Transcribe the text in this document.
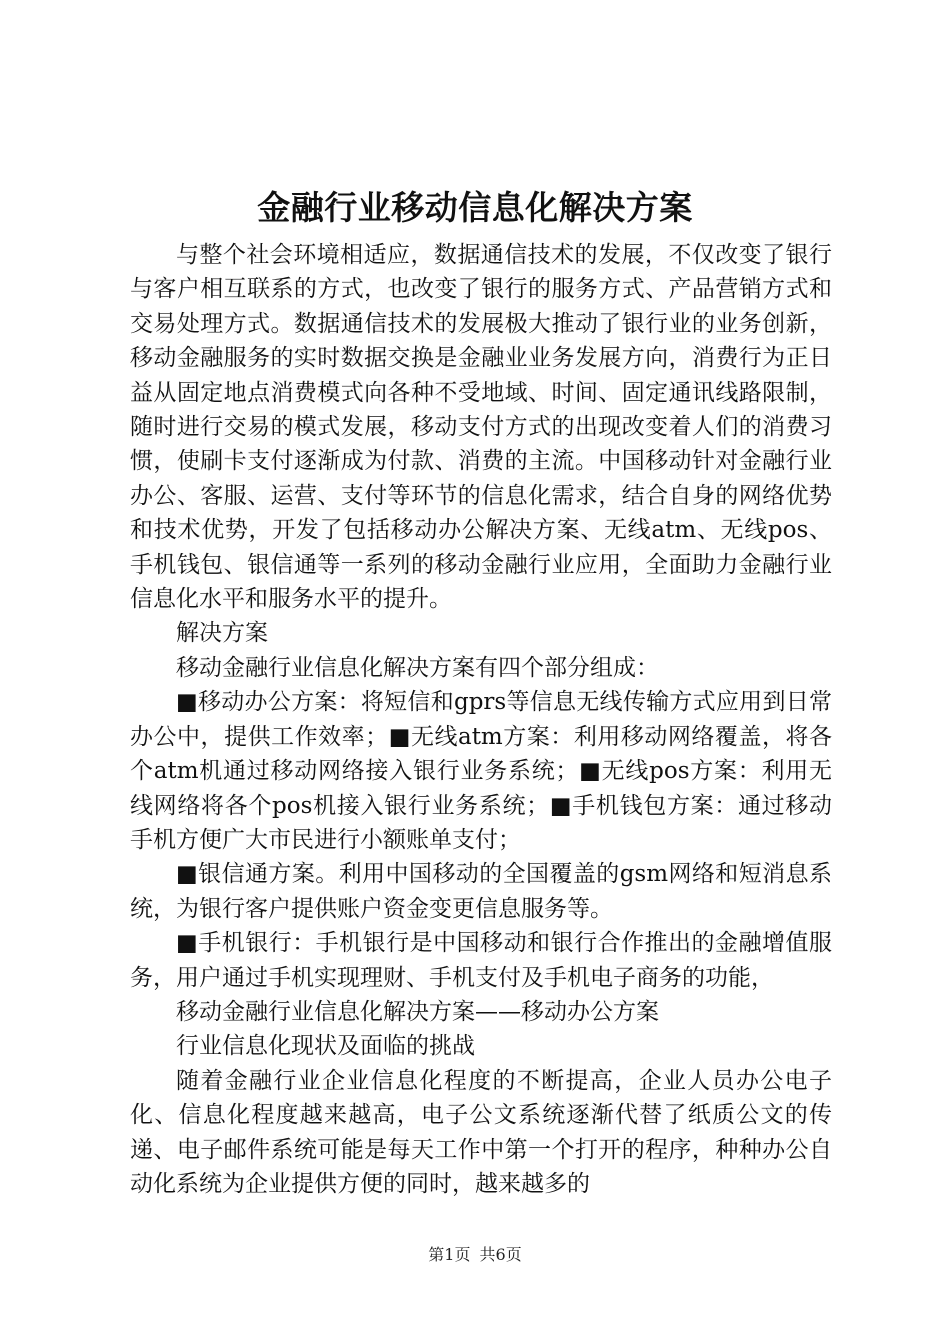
金融行业移动信息化解决方案

与整个社会环境相适应，数据通信技术的发展，不仅改变了银行与客户相互联系的方式，也改变了银行的服务方式、产品营销方式和交易处理方式。数据通信技术的发展极大推动了银行业的业务创新，移动金融服务的实时数据交换是金融业业务发展方向，消费行为正日益从固定地点消费模式向各种不受地域、时间、固定通讯线路限制，随时进行交易的模式发展，移动支付方式的出现改变着人们的消费习惯，使刷卡支付逐渐成为付款、消费的主流。中国移动针对金融行业办公、客服、运营、支付等环节的信息化需求，结合自身的网络优势和技术优势，开发了包括移动办公解决方案、无线atm、无线pos、手机钱包、银信通等一系列的移动金融行业应用，全面助力金融行业信息化水平和服务水平的提升。

解决方案

移动金融行业信息化解决方案有四个部分组成：

■移动办公方案：将短信和gprs等信息无线传输方式应用到日常办公中，提供工作效率；■无线atm方案：利用移动网络覆盖，将各个atm机通过移动网络接入银行业务系统；■无线pos方案：利用无线网络将各个pos机接入银行业务系统；■手机钱包方案：通过移动手机方便广大市民进行小额账单支付；

■银信通方案。利用中国移动的全国覆盖的gsm网络和短消息系统，为银行客户提供账户资金变更信息服务等。

■手机银行：手机银行是中国移动和银行合作推出的金融增值服务，用户通过手机实现理财、手机支付及手机电子商务的功能，

移动金融行业信息化解决方案——移动办公方案

行业信息化现状及面临的挑战

随着金融行业企业信息化程度的不断提高，企业人员办公电子化、信息化程度越来越高，电子公文系统逐渐代替了纸质公文的传递、电子邮件系统可能是每天工作中第一个打开的程序，种种办公自动化系统为企业提供方便的同时，越来越多的

第1页 共6页
